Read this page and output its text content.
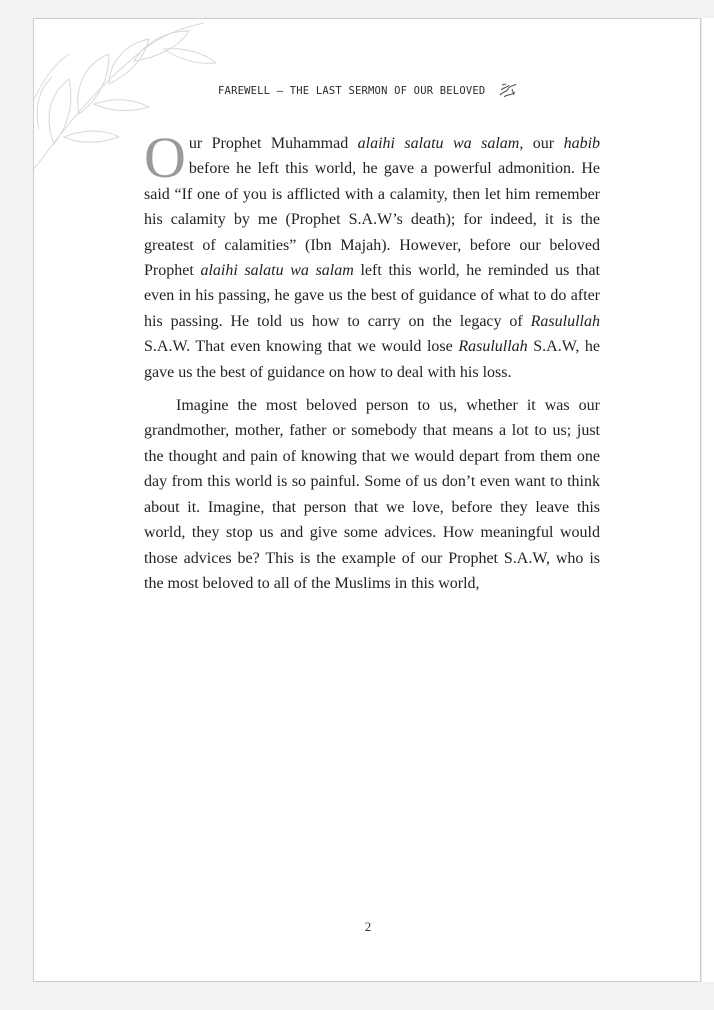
FAREWELL – THE LAST SERMON OF OUR BELOVED

Our Prophet Muhammad alaihi salatu wa salam, our habib before he left this world, he gave a powerful admonition. He said “If one of you is afflicted with a calamity, then let him remember his calamity by me (Prophet S.A.W’s death); for indeed, it is the greatest of calamities” (Ibn Majah). However, before our beloved Prophet alaihi salatu wa salam left this world, he reminded us that even in his passing, he gave us the best of guidance of what to do after his passing. He told us how to carry on the legacy of Rasulullah S.A.W. That even knowing that we would lose Rasulullah S.A.W, he gave us the best of guidance on how to deal with his loss.

Imagine the most beloved person to us, whether it was our grandmother, mother, father or somebody that means a lot to us; just the thought and pain of knowing that we would depart from them one day from this world is so painful. Some of us don’t even want to think about it. Imagine, that person that we love, before they leave this world, they stop us and give some advices. How meaningful would those advices be? This is the example of our Prophet S.A.W, who is the most beloved to all of the Muslims in this world,

2
